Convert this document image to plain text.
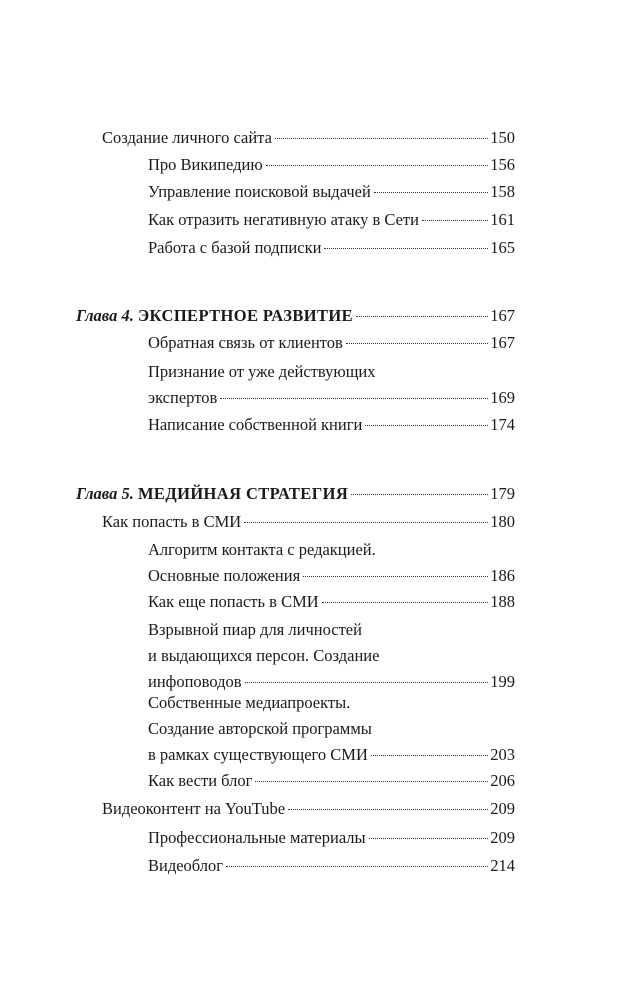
Создание личного сайта	150
Про Википедию	156
Управление поисковой выдачей	158
Как отразить негативную атаку в Сети	161
Работа с базой подписки	165
Глава 4. ЭКСПЕРТНОЕ РАЗВИТИЕ	167
Обратная связь от клиентов	167
Признание от уже действующих
экспертов	169
Написание собственной книги	174
Глава 5. МЕДИЙНАЯ СТРАТЕГИЯ	179
Как попасть в СМИ	180
Алгоритм контакта с редакцией.
Основные положения	186
Как еще попасть в СМИ	188
Взрывной пиар для личностей
и выдающихся персон. Создание
инфоповодов	199
Собственные медиапроекты.
Создание авторской программы
в рамках существующего СМИ	203
Как вести блог	206
Видеоконтент на YouTube	209
Профессиональные материалы	209
Видеоблог	214
